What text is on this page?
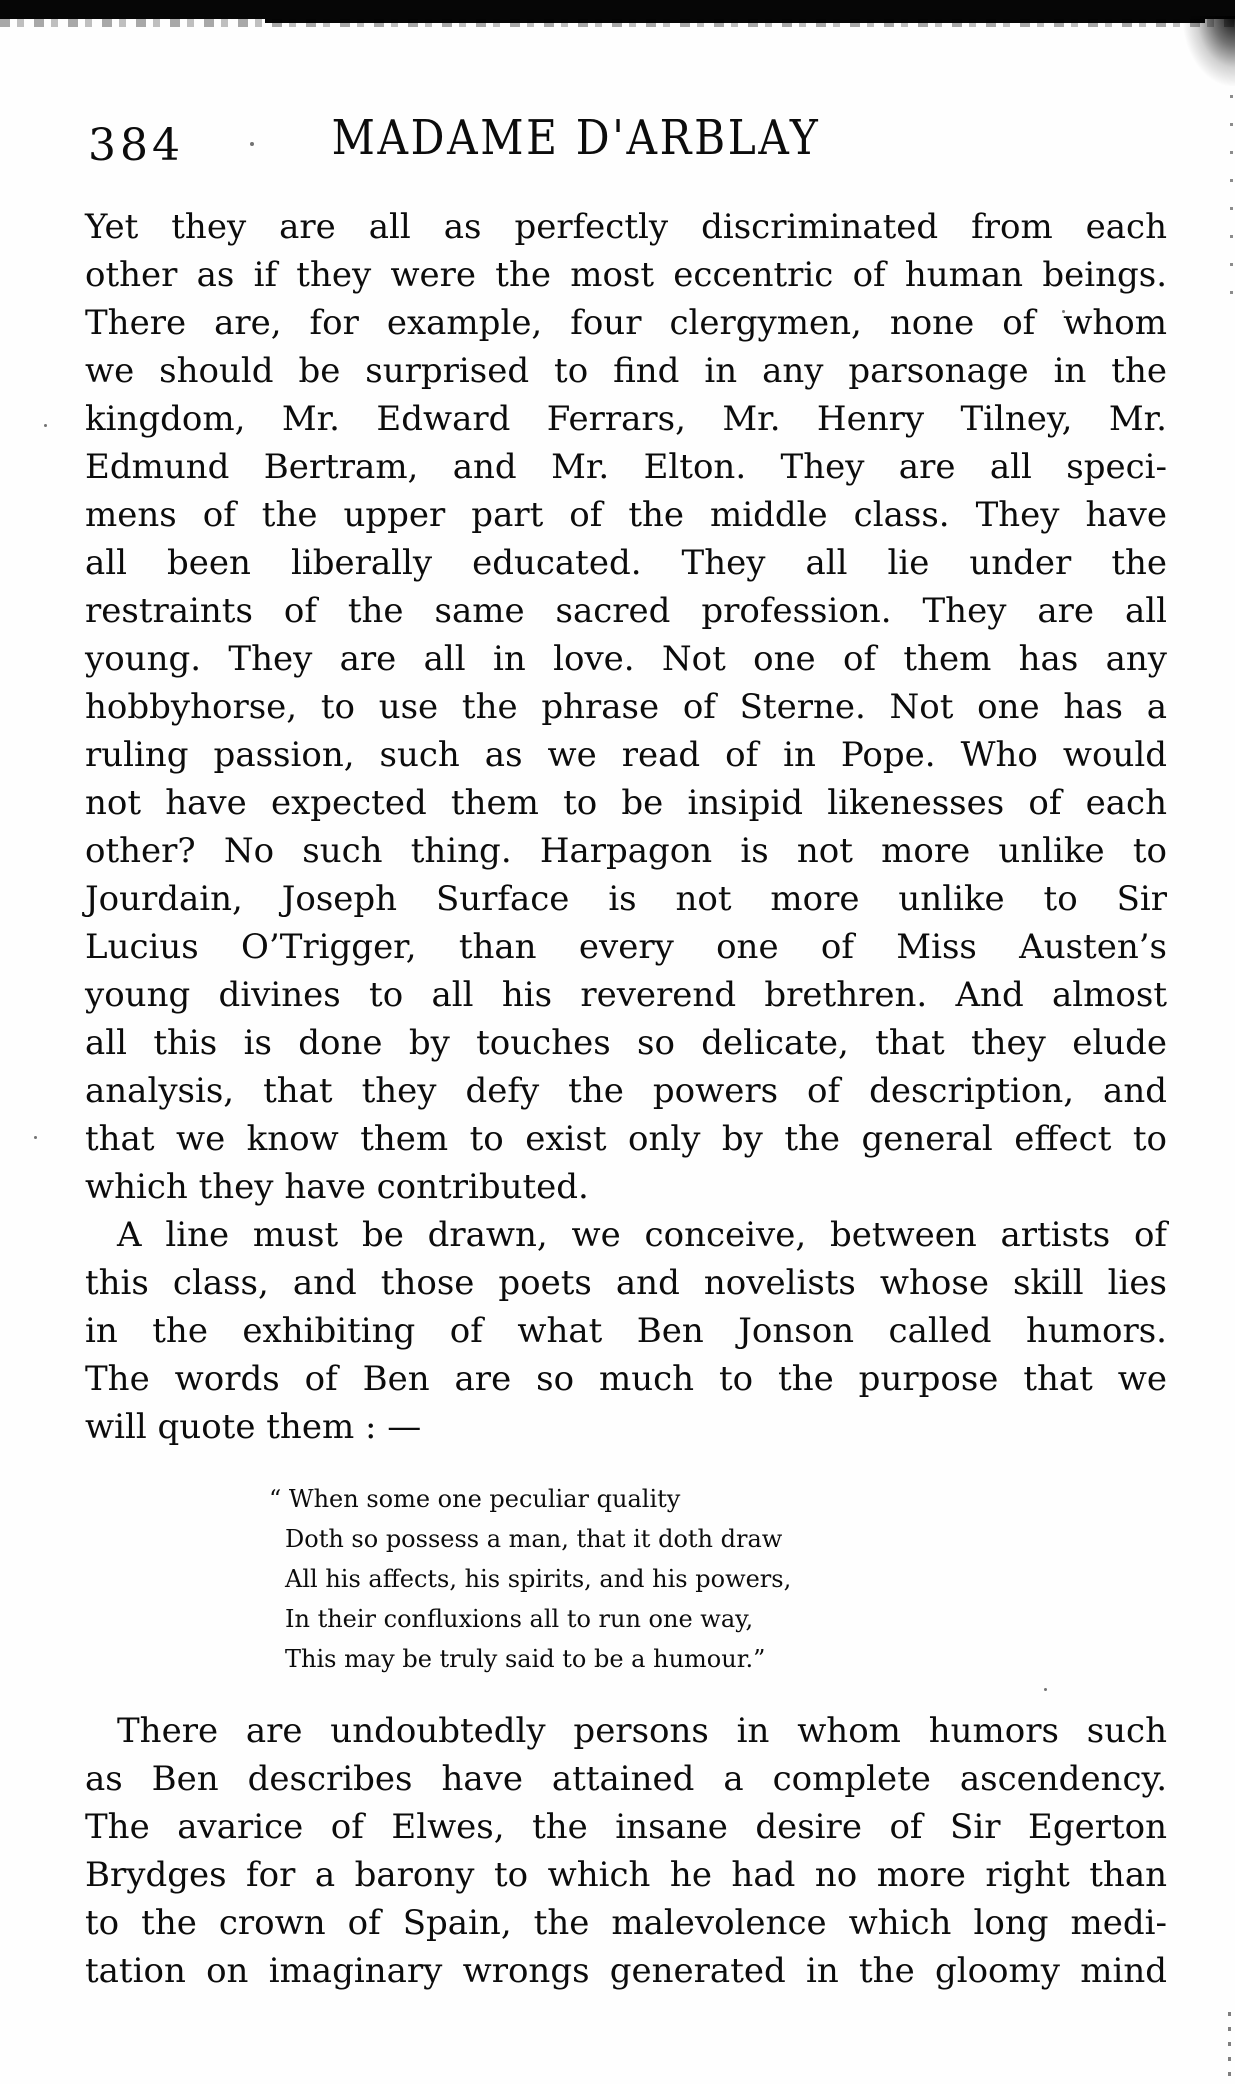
384	MADAME D'ARBLAY
Yet they are all as perfectly discriminated from each
other as if they were the most eccentric of human beings.
There are, for example, four clergymen, none of whom
we should be surprised to find in any parsonage in the
kingdom, Mr. Edward Ferrars, Mr. Henry Tilney, Mr.
Edmund Bertram, and Mr. Elton. They are all speci-
mens of the upper part of the middle class. They have
all been liberally educated. They all lie under the
restraints of the same sacred profession. They are all
young. They are all in love. Not one of them has any
hobbyhorse, to use the phrase of Sterne. Not one has a
ruling passion, such as we read of in Pope. Who would
not have expected them to be insipid likenesses of each
other? No such thing. Harpagon is not more unlike to
Jourdain, Joseph Surface is not more unlike to Sir
Lucius O’Trigger, than every one of Miss Austen’s
young divines to all his reverend brethren. And almost
all this is done by touches so delicate, that they elude
analysis, that they defy the powers of description, and
that we know them to exist only by the general effect to
which they have contributed.
A line must be drawn, we conceive, between artists of
this class, and those poets and novelists whose skill lies
in the exhibiting of what Ben Jonson called humors.
The words of Ben are so much to the purpose that we
will quote them : —
“ When some one peculiar quality
Doth so possess a man, that it doth draw
All his affects, his spirits, and his powers,
In their confluxions all to run one way,
This may be truly said to be a humour.”
There are undoubtedly persons in whom humors such
as Ben describes have attained a complete ascendency.
The avarice of Elwes, the insane desire of Sir Egerton
Brydges for a barony to which he had no more right than
to the crown of Spain, the malevolence which long medi-
tation on imaginary wrongs generated in the gloomy mind
